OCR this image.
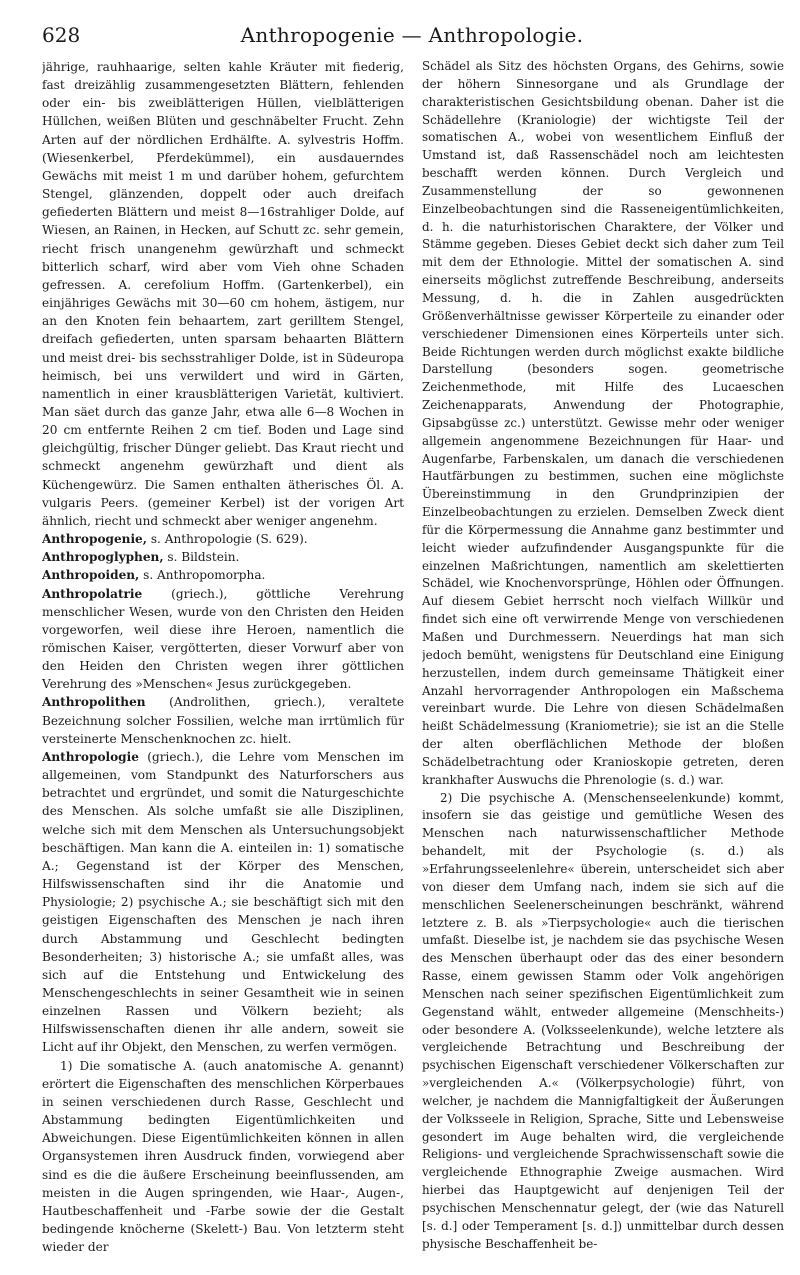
628	Anthropogenie — Anthropologie.

jährige, rauhhaarige, selten kahle Kräuter mit fiederig, fast dreizählig zusammengesetzten Blättern, fehlenden oder ein- bis zweiblätterigen Hüllen, vielblätterigen Hüllchen, weißen Blüten und geschnäbelter Frucht. Zehn Arten auf der nördlichen Erdhälfte. A. sylvestris Hoffm. (Wiesenkerbel, Pferdekümmel), ein ausdauerndes Gewächs mit meist 1 m und darüber hohem, gefurchtem Stengel, glänzenden, doppelt oder auch dreifach gefiederten Blättern und meist 8—16strahliger Dolde, auf Wiesen, an Rainen, in Hecken, auf Schutt zc. sehr gemein, riecht frisch unangenehm gewürzhaft und schmeckt bitterlich scharf, wird aber vom Vieh ohne Schaden gefressen. A. cerefolium Hoffm. (Gartenkerbel), ein einjähriges Gewächs mit 30—60 cm hohem, ästigem, nur an den Knoten fein behaartem, zart gerilltem Stengel, dreifach gefiederten, unten sparsam behaarten Blättern und meist drei- bis sechsstrahliger Dolde, ist in Südeuropa heimisch, bei uns verwildert und wird in Gärten, namentlich in einer krausblätterigen Varietät, kultiviert. Man säet durch das ganze Jahr, etwa alle 6—8 Wochen in 20 cm entfernte Reihen 2 cm tief. Boden und Lage sind gleichgültig, frischer Dünger geliebt. Das Kraut riecht und schmeckt angenehm gewürzhaft und dient als Küchengewürz. Die Samen enthalten ätherisches Öl. A. vulgaris Peers. (gemeiner Kerbel) ist der vorigen Art ähnlich, riecht und schmeckt aber weniger angenehm.

Anthropogenie, s. Anthropologie (S. 629).

Anthropoglyphen, s. Bildstein.

Anthropoiden, s. Anthropomorpha.

Anthropolatrie (griech.), göttliche Verehrung menschlicher Wesen, wurde von den Christen den Heiden vorgeworfen, weil diese ihre Heroen, namentlich die römischen Kaiser, vergötterten, dieser Vorwurf aber von den Heiden den Christen wegen ihrer göttlichen Verehrung des »Menschen« Jesus zurückgegeben.

Anthropolithen (Androlithen, griech.), veraltete Bezeichnung solcher Fossilien, welche man irrtümlich für versteinerte Menschenknochen zc. hielt.

Anthropologie (griech.), die Lehre vom Menschen im allgemeinen, vom Standpunkt des Naturforschers aus betrachtet und ergründet, und somit die Naturgeschichte des Menschen. Als solche umfaßt sie alle Disziplinen, welche sich mit dem Menschen als Untersuchungsobjekt beschäftigen. Man kann die A. einteilen in: 1) somatische A.; Gegenstand ist der Körper des Menschen, Hilfswissenschaften sind ihr die Anatomie und Physiologie; 2) psychische A.; sie beschäftigt sich mit den geistigen Eigenschaften des Menschen je nach ihren durch Abstammung und Geschlecht bedingten Besonderheiten; 3) historische A.; sie umfaßt alles, was sich auf die Entstehung und Entwickelung des Menschengeschlechts in seiner Gesamtheit wie in seinen einzelnen Rassen und Völkern bezieht; als Hilfswissenschaften dienen ihr alle andern, soweit sie Licht auf ihr Objekt, den Menschen, zu werfen vermögen.

1) Die somatische A. (auch anatomische A. genannt) erörtert die Eigenschaften des menschlichen Körperbaues in seinen verschiedenen durch Rasse, Geschlecht und Abstammung bedingten Eigentümlichkeiten und Abweichungen. Diese Eigentümlichkeiten können in allen Organsystemen ihren Ausdruck finden, vorwiegend aber sind es die die äußere Erscheinung beeinflussenden, am meisten in die Augen springenden, wie Haar-, Augen-, Hautbeschaffenheit und -Farbe sowie der die Gestalt bedingende knöcherne (Skelett-) Bau. Von letzterm steht wieder der

Schädel als Sitz des höchsten Organs, des Gehirns, sowie der höhern Sinnesorgane und als Grundlage der charakteristischen Gesichtsbildung obenan. Daher ist die Schädellehre (Kraniologie) der wichtigste Teil der somatischen A., wobei von wesentlichem Einfluß der Umstand ist, daß Rassenschädel noch am leichtesten beschafft werden können. Durch Vergleich und Zusammenstellung der so gewonnenen Einzelbeobachtungen sind die Rasseneigentümlichkeiten, d. h. die naturhistorischen Charaktere, der Völker und Stämme gegeben. Dieses Gebiet deckt sich daher zum Teil mit dem der Ethnologie. Mittel der somatischen A. sind einerseits möglichst zutreffende Beschreibung, anderseits Messung, d. h. die in Zahlen ausgedrückten Größenverhältnisse gewisser Körperteile zu einander oder verschiedener Dimensionen eines Körperteils unter sich. Beide Richtungen werden durch möglichst exakte bildliche Darstellung (besonders sogen. geometrische Zeichenmethode, mit Hilfe des Lucaeschen Zeichenapparats, Anwendung der Photographie, Gipsabgüsse zc.) unterstützt. Gewisse mehr oder weniger allgemein angenommene Bezeichnungen für Haar- und Augenfarbe, Farbenskalen, um danach die verschiedenen Hautfärbungen zu bestimmen, suchen eine möglichste Übereinstimmung in den Grundprinzipien der Einzelbeobachtungen zu erzielen. Demselben Zweck dient für die Körpermessung die Annahme ganz bestimmter und leicht wieder aufzufindender Ausgangspunkte für die einzelnen Maßrichtungen, namentlich am skelettierten Schädel, wie Knochenvorsprünge, Höhlen oder Öffnungen. Auf diesem Gebiet herrscht noch vielfach Willkür und findet sich eine oft verwirrende Menge von verschiedenen Maßen und Durchmessern. Neuerdings hat man sich jedoch bemüht, wenigstens für Deutschland eine Einigung herzustellen, indem durch gemeinsame Thätigkeit einer Anzahl hervorragender Anthropologen ein Maßschema vereinbart wurde. Die Lehre von diesen Schädelmaßen heißt Schädelmessung (Kraniometrie); sie ist an die Stelle der alten oberflächlichen Methode der bloßen Schädelbetrachtung oder Kranioskopie getreten, deren krankhafter Auswuchs die Phrenologie (s. d.) war.

2) Die psychische A. (Menschenseelenkunde) kommt, insofern sie das geistige und gemütliche Wesen des Menschen nach naturwissenschaftlicher Methode behandelt, mit der Psychologie (s. d.) als »Erfahrungsseelenlehre« überein, unterscheidet sich aber von dieser dem Umfang nach, indem sie sich auf die menschlichen Seelenerscheinungen beschränkt, während letztere z. B. als »Tierpsychologie« auch die tierischen umfaßt. Dieselbe ist, je nachdem sie das psychische Wesen des Menschen überhaupt oder das des einer besondern Rasse, einem gewissen Stamm oder Volk angehörigen Menschen nach seiner spezifischen Eigentümlichkeit zum Gegenstand wählt, entweder allgemeine (Menschheits-) oder besondere A. (Volksseelenkunde), welche letztere als vergleichende Betrachtung und Beschreibung der psychischen Eigenschaft verschiedener Völkerschaften zur »vergleichenden A.« (Völkerpsychologie) führt, von welcher, je nachdem die Mannigfaltigkeit der Äußerungen der Volksseele in Religion, Sprache, Sitte und Lebensweise gesondert im Auge behalten wird, die vergleichende Religions- und vergleichende Sprachwissenschaft sowie die vergleichende Ethnographie Zweige ausmachen. Wird hierbei das Hauptgewicht auf denjenigen Teil der psychischen Menschennatur gelegt, der (wie das Naturell [s. d.] oder Temperament [s. d.]) unmittelbar durch dessen physische Beschaffenheit be-
